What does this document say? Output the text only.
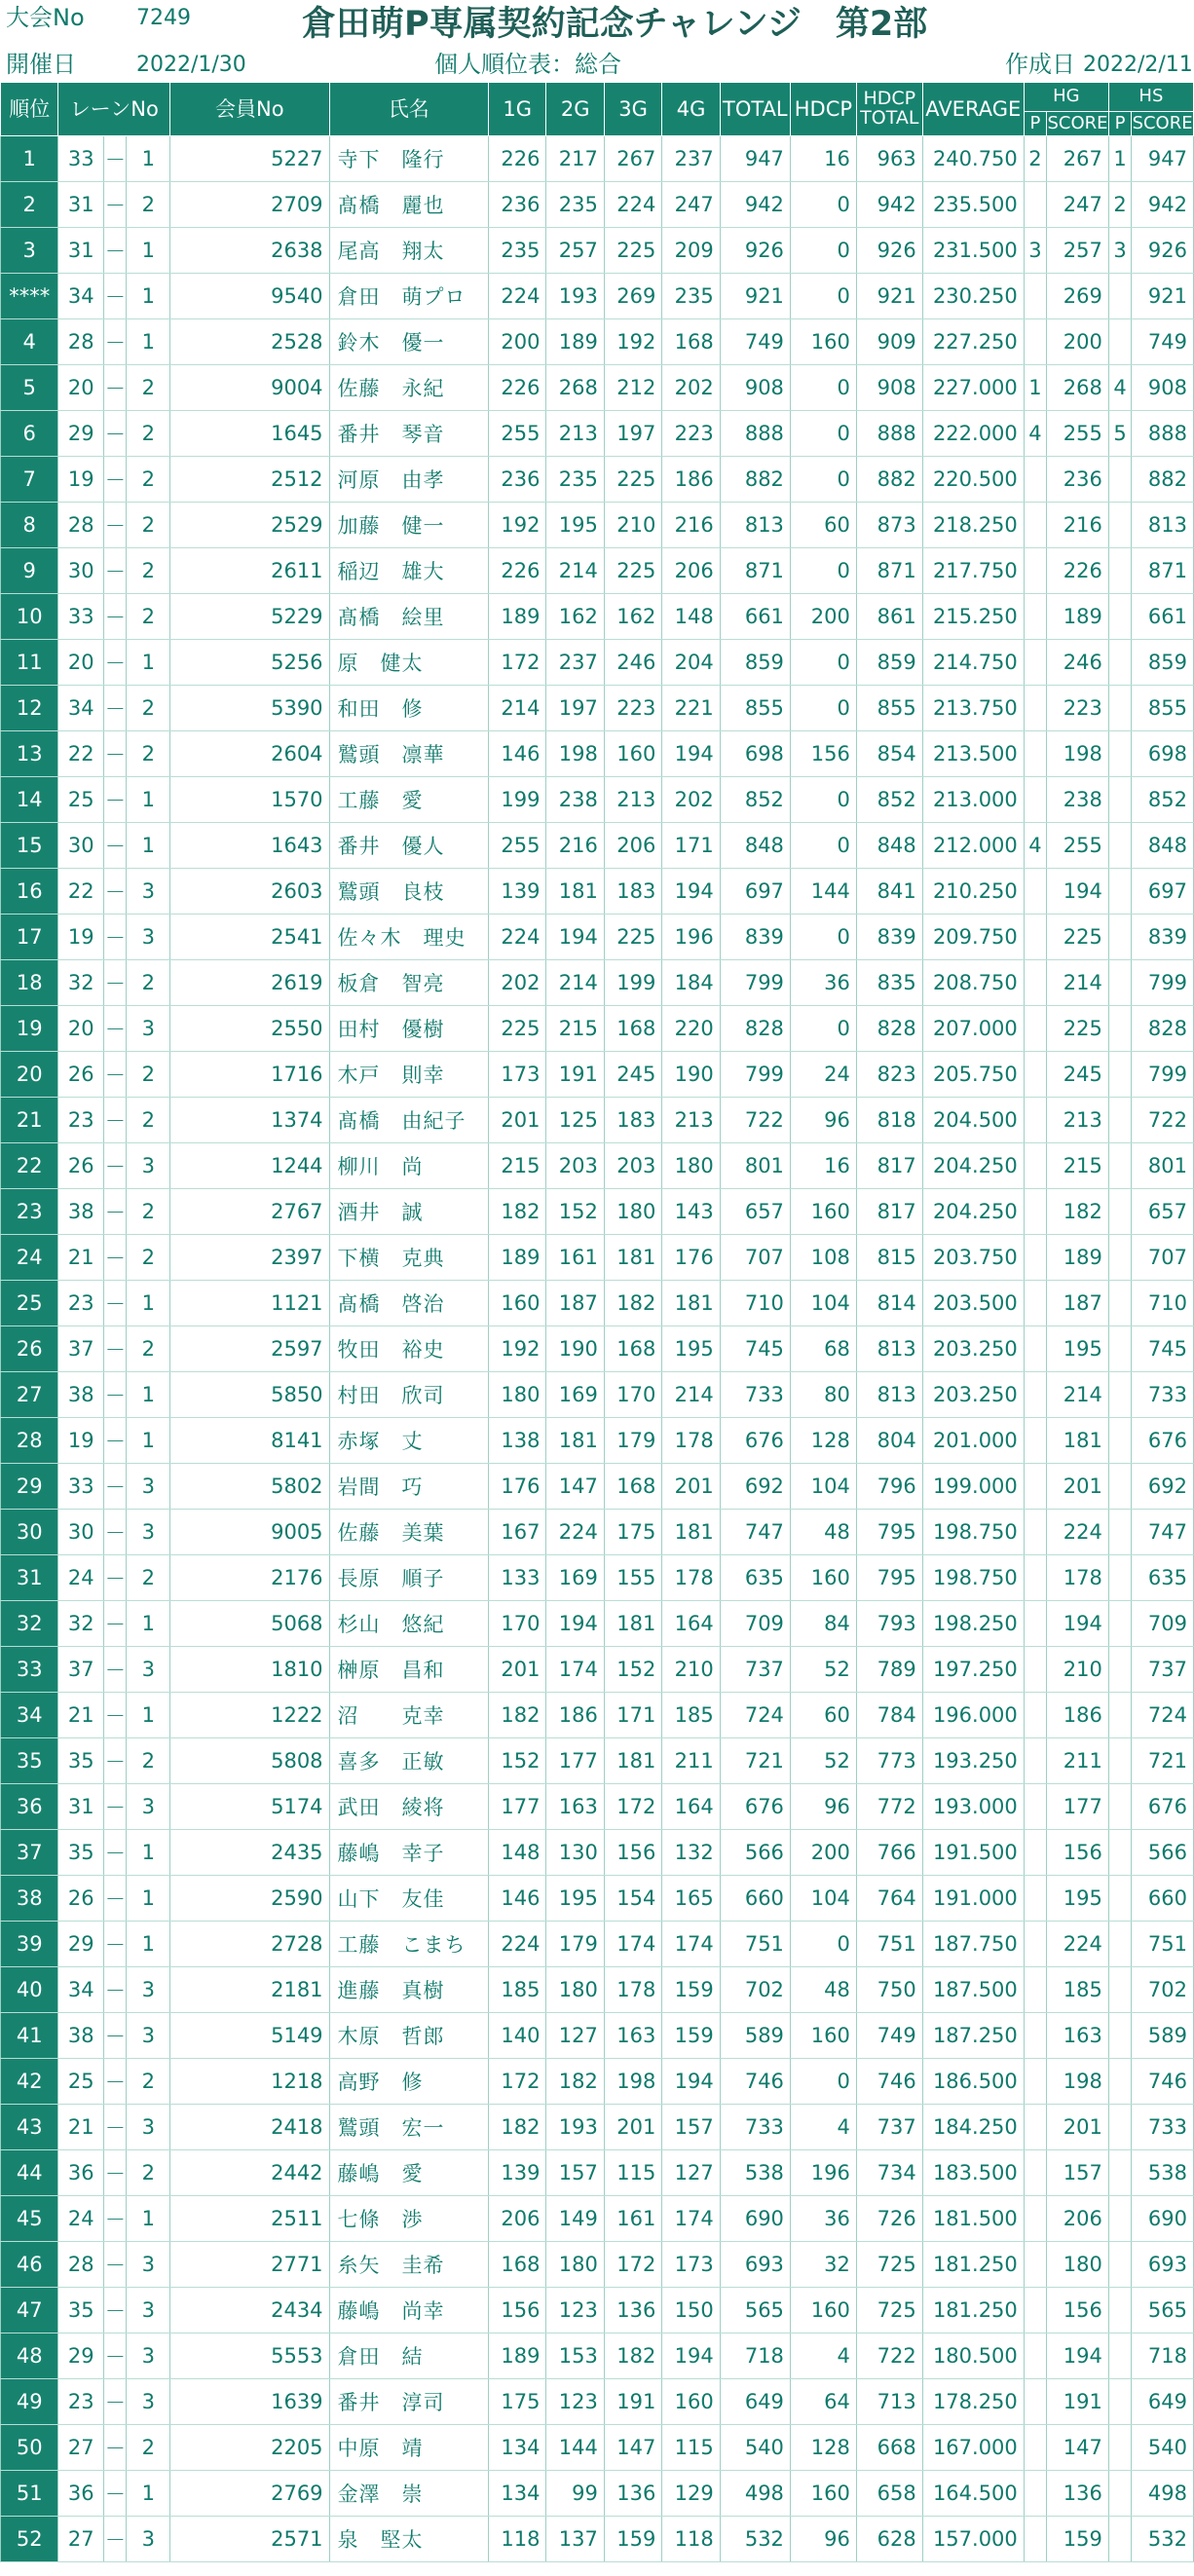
大会No 7249	倉田萌P専属契約記念チャレンジ　第2部
開催日	2022/1/30	個人順位表：総合	作成日 2022/2/11
順位	レーンNo			会員No	氏名	1G	2G	3G	4G	TOTAL	HDCP	HDCP
TOTAL	AVERAGE	HG		HS	
														P	SCORE	P	SCORE
1	33	－	1	5227	寺下　隆行	226	217	267	237	947	16	963	240.750	2	267	1	947
2	31	－	2	2709	髙橋　麗也	236	235	224	247	942	0	942	235.500		247	2	942
3	31	－	1	2638	尾高　翔太	235	257	225	209	926	0	926	231.500	3	257	3	926
****	34	－	1	9540	倉田　萌プロ	224	193	269	235	921	0	921	230.250		269		921
4	28	－	1	2528	鈴木　優一	200	189	192	168	749	160	909	227.250		200		749
5	20	－	2	9004	佐藤　永紀	226	268	212	202	908	0	908	227.000	1	268	4	908
6	29	－	2	1645	番井　琴音	255	213	197	223	888	0	888	222.000	4	255	5	888
7	19	－	2	2512	河原　由孝	236	235	225	186	882	0	882	220.500		236		882
8	28	－	2	2529	加藤　健一	192	195	210	216	813	60	873	218.250		216		813
9	30	－	2	2611	稲辺　雄大	226	214	225	206	871	0	871	217.750		226		871
10	33	－	2	5229	髙橋　絵里	189	162	162	148	661	200	861	215.250		189		661
11	20	－	1	5256	原　健太	172	237	246	204	859	0	859	214.750		246		859
12	34	－	2	5390	和田　修	214	197	223	221	855	0	855	213.750		223		855
13	22	－	2	2604	鷲頭　凛華	146	198	160	194	698	156	854	213.500		198		698
14	25	－	1	1570	工藤　愛	199	238	213	202	852	0	852	213.000		238		852
15	30	－	1	1643	番井　優人	255	216	206	171	848	0	848	212.000	4	255		848
16	22	－	3	2603	鷲頭　良枝	139	181	183	194	697	144	841	210.250		194		697
17	19	－	3	2541	佐々木　理史	224	194	225	196	839	0	839	209.750		225		839
18	32	－	2	2619	板倉　智亮	202	214	199	184	799	36	835	208.750		214		799
19	20	－	3	2550	田村　優樹	225	215	168	220	828	0	828	207.000		225		828
20	26	－	2	1716	木戸　則幸	173	191	245	190	799	24	823	205.750		245		799
21	23	－	2	1374	髙橋　由紀子	201	125	183	213	722	96	818	204.500		213		722
22	26	－	3	1244	柳川　尚	215	203	203	180	801	16	817	204.250		215		801
23	38	－	2	2767	酒井　誠	182	152	180	143	657	160	817	204.250		182		657
24	21	－	2	2397	下横　克典	189	161	181	176	707	108	815	203.750		189		707
25	23	－	1	1121	髙橋　啓治	160	187	182	181	710	104	814	203.500		187		710
26	37	－	2	2597	牧田　裕史	192	190	168	195	745	68	813	203.250		195		745
27	38	－	1	5850	村田　欣司	180	169	170	214	733	80	813	203.250		214		733
28	19	－	1	8141	赤塚　丈	138	181	179	178	676	128	804	201.000		181		676
29	33	－	3	5802	岩間　巧	176	147	168	201	692	104	796	199.000		201		692
30	30	－	3	9005	佐藤　美葉	167	224	175	181	747	48	795	198.750		224		747
31	24	－	2	2176	長原　順子	133	169	155	178	635	160	795	198.750		178		635
32	32	－	1	5068	杉山　悠紀	170	194	181	164	709	84	793	198.250		194		709
33	37	－	3	1810	榊原　昌和	201	174	152	210	737	52	789	197.250		210		737
34	21	－	1	1222	沼　　克幸	182	186	171	185	724	60	784	196.000		186		724
35	35	－	2	5808	喜多　正敏	152	177	181	211	721	52	773	193.250		211		721
36	31	－	3	5174	武田　綾将	177	163	172	164	676	96	772	193.000		177		676
37	35	－	1	2435	藤嶋　幸子	148	130	156	132	566	200	766	191.500		156		566
38	26	－	1	2590	山下　友佳	146	195	154	165	660	104	764	191.000		195		660
39	29	－	1	2728	工藤　こまち	224	179	174	174	751	0	751	187.750		224		751
40	34	－	3	2181	進藤　真樹	185	180	178	159	702	48	750	187.500		185		702
41	38	－	3	5149	木原　哲郎	140	127	163	159	589	160	749	187.250		163		589
42	25	－	2	1218	高野　修	172	182	198	194	746	0	746	186.500		198		746
43	21	－	3	2418	鷲頭　宏一	182	193	201	157	733	4	737	184.250		201		733
44	36	－	2	2442	藤嶋　愛	139	157	115	127	538	196	734	183.500		157		538
45	24	－	1	2511	七條　渉	206	149	161	174	690	36	726	181.500		206		690
46	28	－	3	2771	糸矢　圭希	168	180	172	173	693	32	725	181.250		180		693
47	35	－	3	2434	藤嶋　尚幸	156	123	136	150	565	160	725	181.250		156		565
48	29	－	3	5553	倉田　結	189	153	182	194	718	4	722	180.500		194		718
49	23	－	3	1639	番井　淳司	175	123	191	160	649	64	713	178.250		191		649
50	27	－	2	2205	中原　靖	134	144	147	115	540	128	668	167.000		147		540
51	36	－	1	2769	金澤　崇	134	99	136	129	498	160	658	164.500		136		498
52	27	－	3	2571	泉　堅太	118	137	159	118	532	96	628	157.000		159		532
